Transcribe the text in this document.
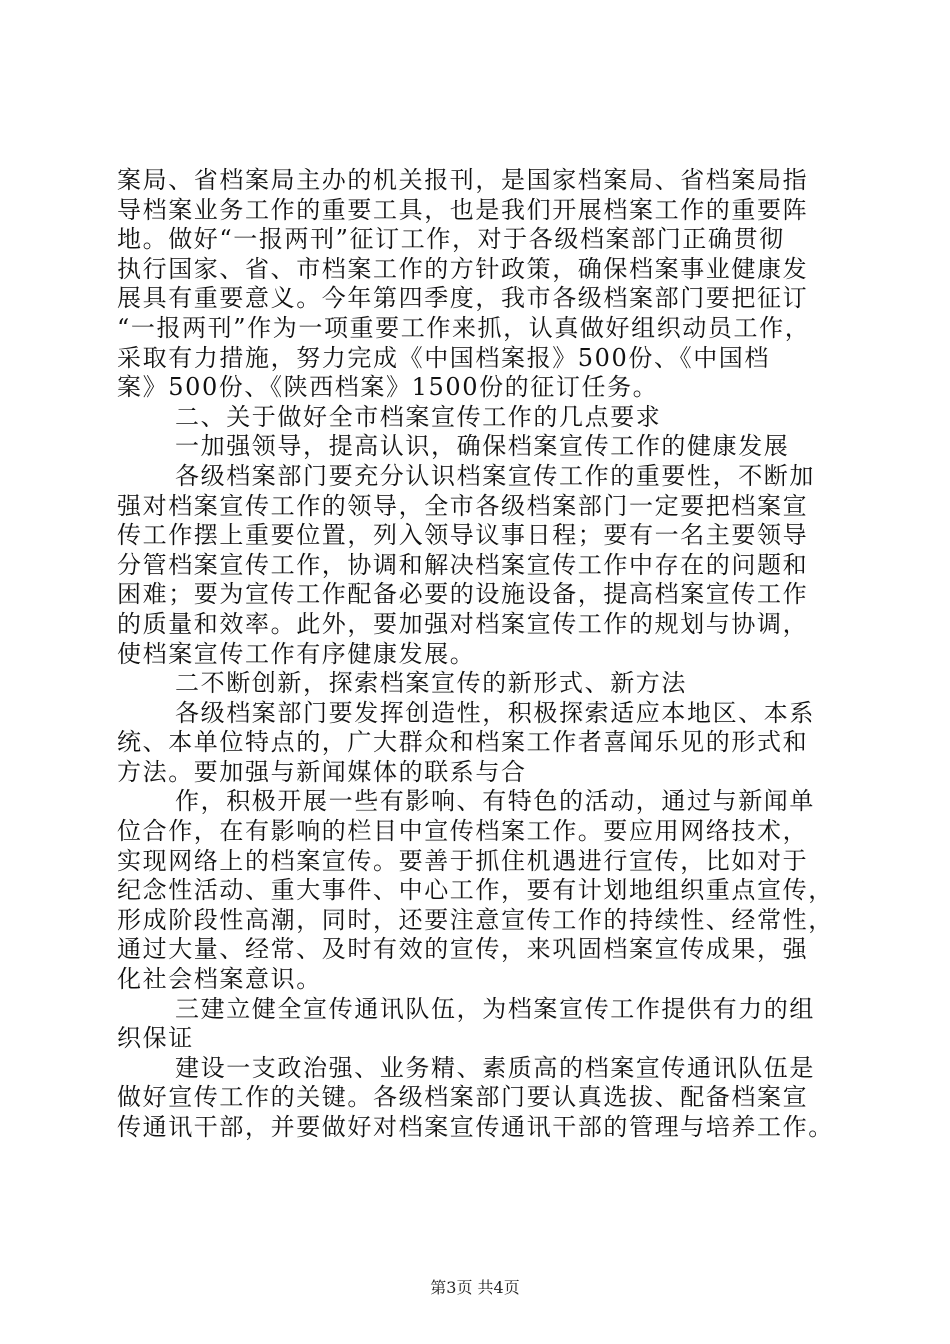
案局、省档案局主办的机关报刊，是国家档案局、省档案局指
导档案业务工作的重要工具，也是我们开展档案工作的重要阵
地。做好“一报两刊”征订工作，对于各级档案部门正确贯彻
执行国家、省、市档案工作的方针政策，确保档案事业健康发
展具有重要意义。今年第四季度，我市各级档案部门要把征订
“一报两刊”作为一项重要工作来抓，认真做好组织动员工作，
采取有力措施，努力完成《中国档案报》500份、《中国档
案》500份、《陕西档案》1500份的征订任务。
二、关于做好全市档案宣传工作的几点要求
一加强领导，提高认识，确保档案宣传工作的健康发展
各级档案部门要充分认识档案宣传工作的重要性，不断加
强对档案宣传工作的领导，全市各级档案部门一定要把档案宣
传工作摆上重要位置，列入领导议事日程；要有一名主要领导
分管档案宣传工作，协调和解决档案宣传工作中存在的问题和
困难；要为宣传工作配备必要的设施设备，提高档案宣传工作
的质量和效率。此外，要加强对档案宣传工作的规划与协调，
使档案宣传工作有序健康发展。
二不断创新，探索档案宣传的新形式、新方法
各级档案部门要发挥创造性，积极探索适应本地区、本系
统、本单位特点的，广大群众和档案工作者喜闻乐见的形式和
方法。要加强与新闻媒体的联系与合
作，积极开展一些有影响、有特色的活动，通过与新闻单
位合作，在有影响的栏目中宣传档案工作。要应用网络技术，
实现网络上的档案宣传。要善于抓住机遇进行宣传，比如对于
纪念性活动、重大事件、中心工作，要有计划地组织重点宣传，
形成阶段性高潮，同时，还要注意宣传工作的持续性、经常性，
通过大量、经常、及时有效的宣传，来巩固档案宣传成果，强
化社会档案意识。
三建立健全宣传通讯队伍，为档案宣传工作提供有力的组
织保证
建设一支政治强、业务精、素质高的档案宣传通讯队伍是
做好宣传工作的关键。各级档案部门要认真选拔、配备档案宣
传通讯干部，并要做好对档案宣传通讯干部的管理与培养工作。
第3页 共4页
